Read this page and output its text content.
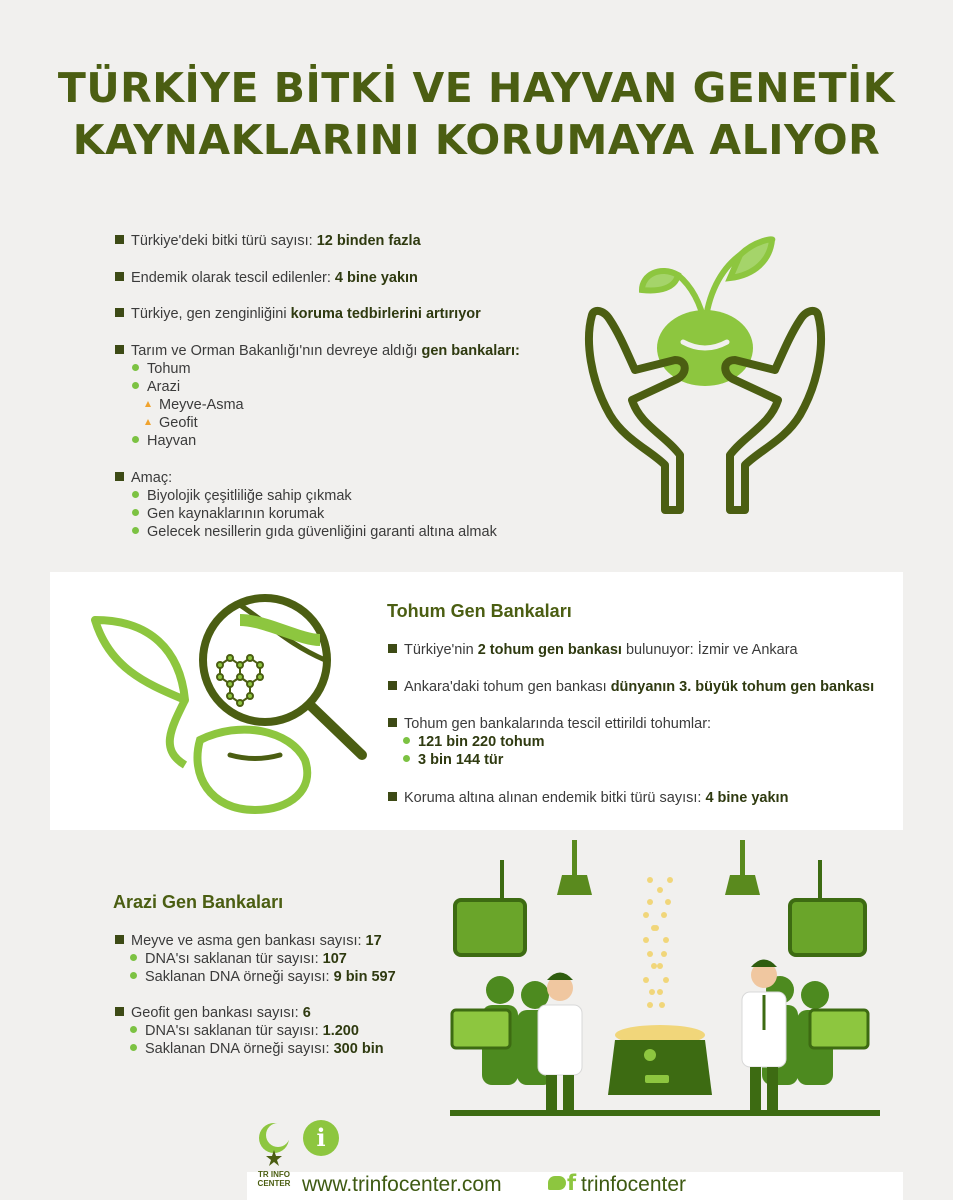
TÜRKİYE BİTKİ VE HAYVAN GENETİK
KAYNAKLARINI KORUMAYA ALIYOR
Türkiye'deki bitki türü sayısı: 12 binden fazla
Endemik olarak tescil edilenler: 4 bine yakın
Türkiye, gen zenginliğini koruma tedbirlerini artırıyor
Tarım ve Orman Bakanlığı'nın devreye aldığı gen bankaları:
Tohum
Arazi
Meyve-Asma
Geofit
Hayvan
Amaç:
Biyolojik çeşitliliğe sahip çıkmak
Gen kaynaklarının korumak
Gelecek nesillerin gıda güvenliğini garanti altına almak
Tohum Gen Bankaları
Türkiye'nin 2 tohum gen bankası bulunuyor: İzmir ve Ankara
Ankara'daki tohum gen bankası dünyanın 3. büyük tohum gen bankası
Tohum gen bankalarında tescil ettirildi tohumlar:
121 bin 220 tohum
3 bin 144 tür
Koruma altına alınan endemik bitki türü sayısı: 4 bine yakın
Arazi Gen Bankaları
Meyve ve asma gen bankası sayısı: 17
DNA'sı saklanan tür sayısı: 107
Saklanan DNA örneği sayısı: 9 bin 597
Geofit gen bankası sayısı: 6
DNA'sı saklanan tür sayısı: 1.200
Saklanan DNA örneği sayısı: 300 bin
TR INFO
CENTER
i
www.trinfocenter.com	f trinfocenter
